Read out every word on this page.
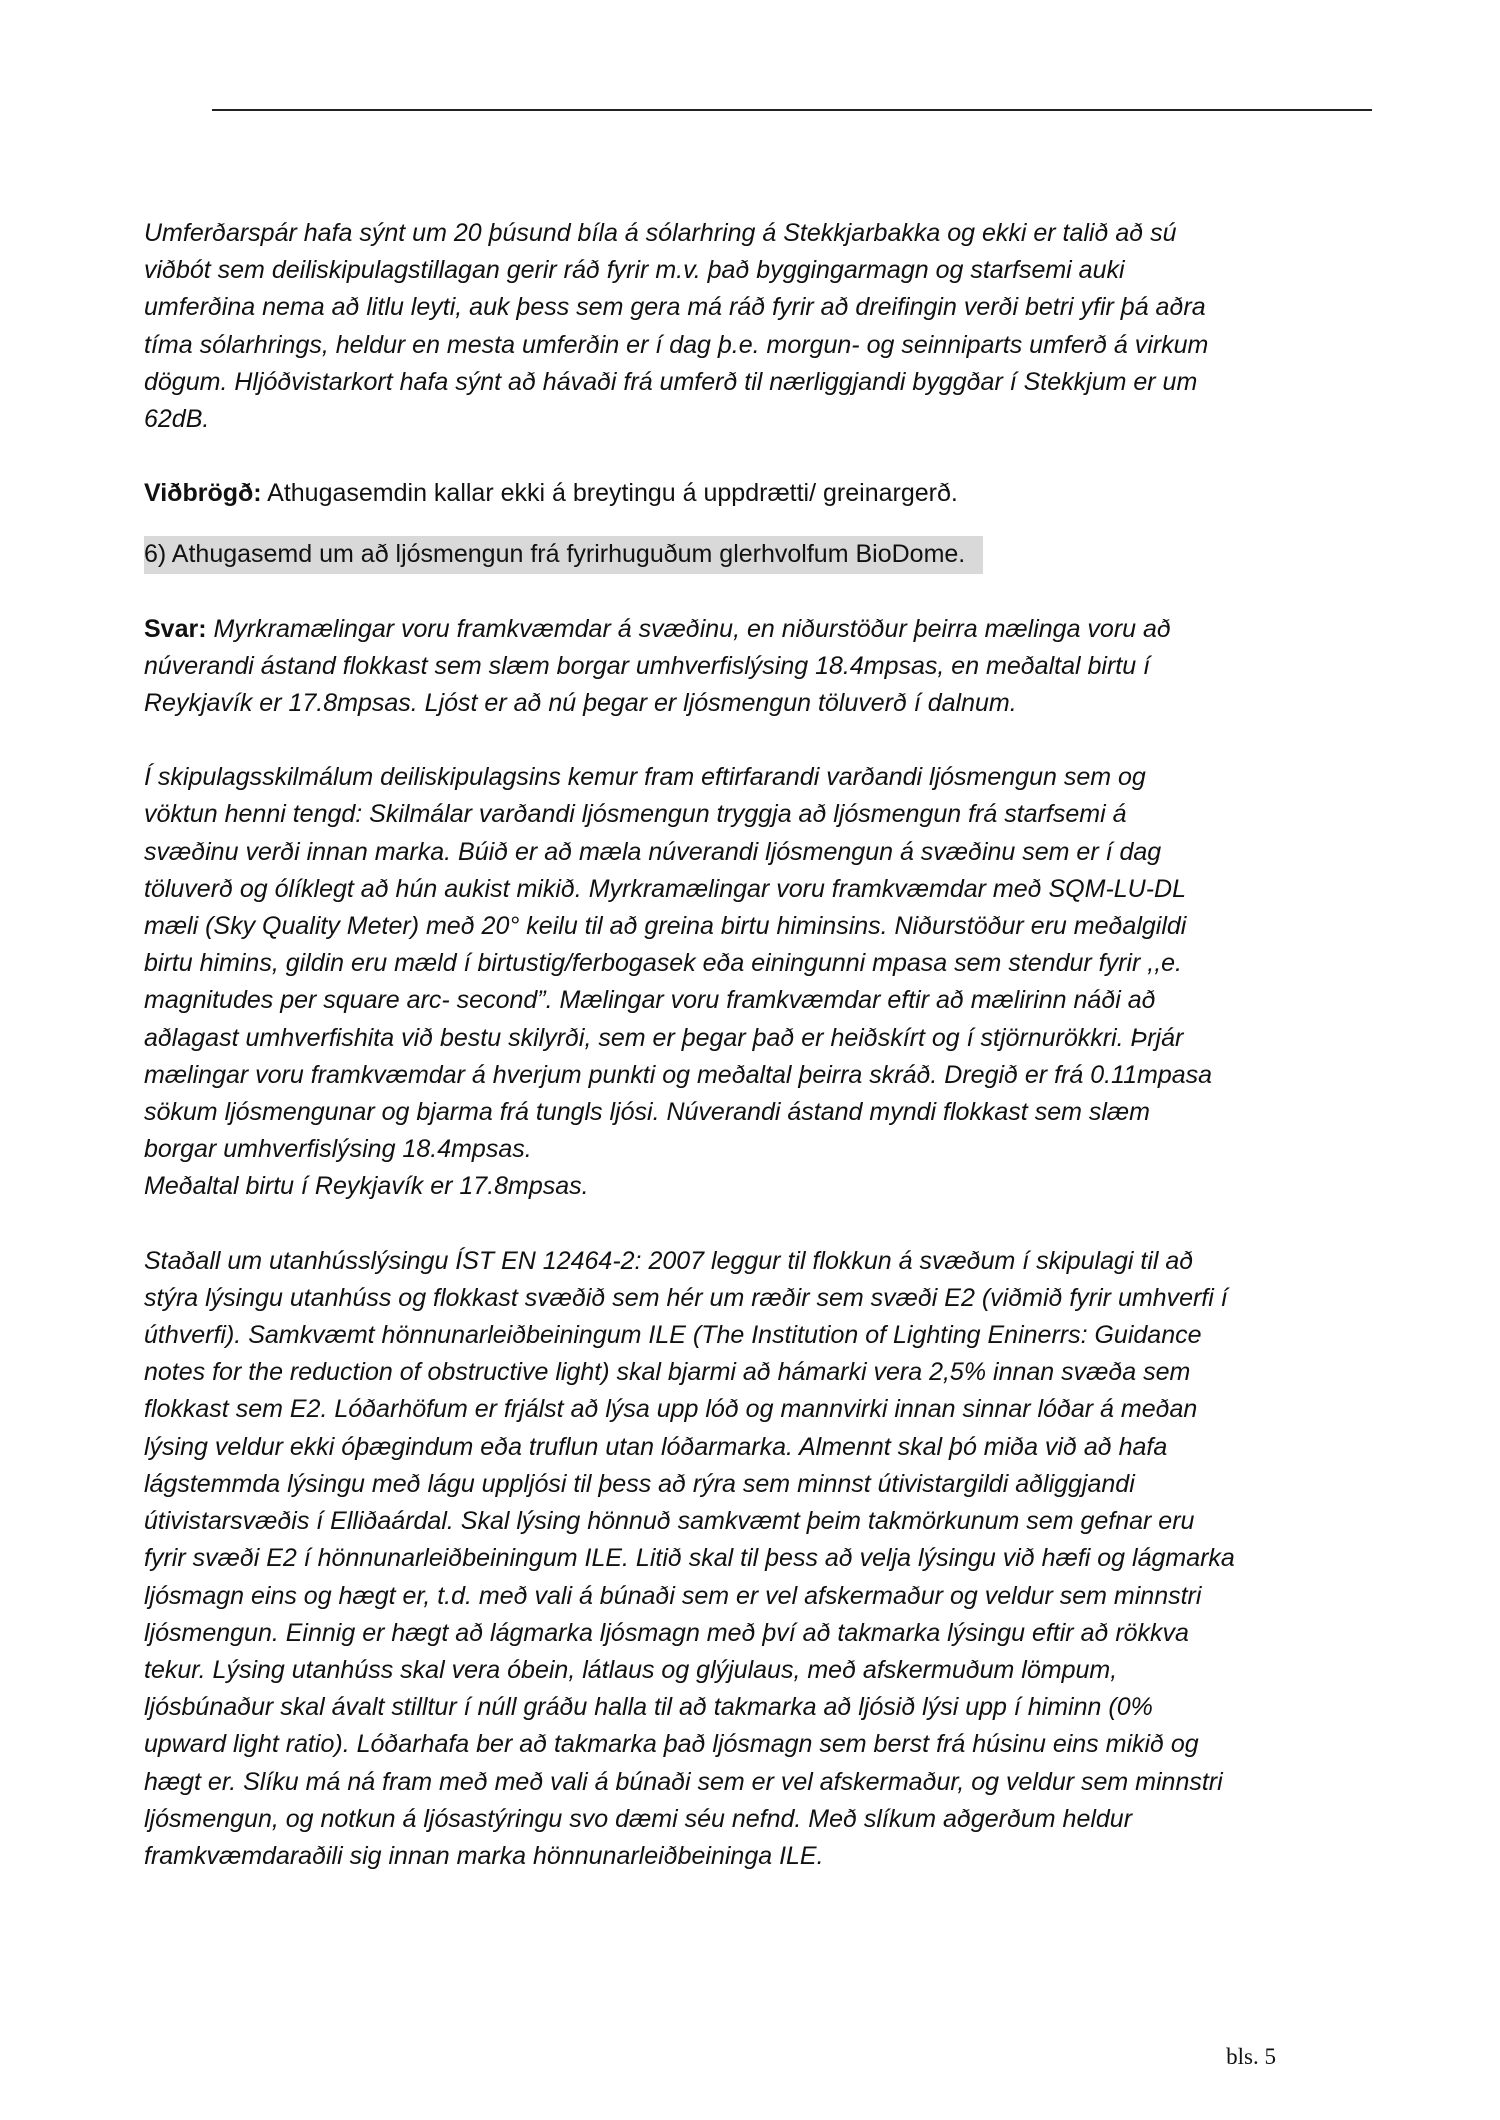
Umferðarspár hafa sýnt um 20 þúsund bíla á sólarhring á Stekkjarbakka og ekki er talið að sú
viðbót sem deiliskipulagstillagan gerir ráð fyrir m.v. það byggingarmagn og starfsemi auki
umferðina nema að litlu leyti, auk þess sem gera má ráð fyrir að dreifingin verði betri yfir þá aðra
tíma sólarhrings, heldur en mesta umferðin er í dag þ.e. morgun- og seinniparts umferð á virkum
dögum. Hljóðvistarkort hafa sýnt að hávaði frá umferð til nærliggjandi byggðar í Stekkjum er um
62dB.

Viðbrögð: Athugasemdin kallar ekki á breytingu á uppdrætti/ greinargerð.

6) Athugasemd um að ljósmengun frá fyrirhuguðum glerhvolfum BioDome.

Svar: Myrkramælingar voru framkvæmdar á svæðinu, en niðurstöður þeirra mælinga voru að
núverandi ástand flokkast sem slæm borgar umhverfislýsing 18.4mpsas, en meðaltal birtu í
Reykjavík er 17.8mpsas. Ljóst er að nú þegar er ljósmengun töluverð í dalnum.

Í skipulagsskilmálum deiliskipulagsins kemur fram eftirfarandi varðandi ljósmengun sem og
vöktun henni tengd: Skilmálar varðandi ljósmengun tryggja að ljósmengun frá starfsemi á
svæðinu verði innan marka. Búið er að mæla núverandi ljósmengun á svæðinu sem er í dag
töluverð og ólíklegt að hún aukist mikið. Myrkramælingar voru framkvæmdar með SQM-LU-DL
mæli (Sky Quality Meter) með 20° keilu til að greina birtu himinsins. Niðurstöður eru meðalgildi
birtu himins, gildin eru mæld í birtustig/ferbogasek eða einingunni mpasa sem stendur fyrir ,,e.
magnitudes per square arc- second”. Mælingar voru framkvæmdar eftir að mælirinn náði að
aðlagast umhverfishita við bestu skilyrði, sem er þegar það er heiðskírt og í stjörnurökkri. Þrjár
mælingar voru framkvæmdar á hverjum punkti og meðaltal þeirra skráð. Dregið er frá 0.11mpasa
sökum ljósmengunar og bjarma frá tungls ljósi. Núverandi ástand myndi flokkast sem slæm
borgar umhverfislýsing 18.4mpsas.
Meðaltal birtu í Reykjavík er 17.8mpsas.

Staðall um utanhússlýsingu ÍST EN 12464-2: 2007 leggur til flokkun á svæðum í skipulagi til að
stýra lýsingu utanhúss og flokkast svæðið sem hér um ræðir sem svæði E2 (viðmið fyrir umhverfi í
úthverfi). Samkvæmt hönnunarleiðbeiningum ILE (The Institution of Lighting Eninerrs: Guidance
notes for the reduction of obstructive light) skal bjarmi að hámarki vera 2,5% innan svæða sem
flokkast sem E2. Lóðarhöfum er frjálst að lýsa upp lóð og mannvirki innan sinnar lóðar á meðan
lýsing veldur ekki óþægindum eða truflun utan lóðarmarka. Almennt skal þó miða við að hafa
lágstemmda lýsingu með lágu uppljósi til þess að rýra sem minnst útivistargildi aðliggjandi
útivistarsvæðis í Elliðaárdal. Skal lýsing hönnuð samkvæmt þeim takmörkunum sem gefnar eru
fyrir svæði E2 í hönnunarleiðbeiningum ILE. Litið skal til þess að velja lýsingu við hæfi og lágmarka
ljósmagn eins og hægt er, t.d. með vali á búnaði sem er vel afskermaður og veldur sem minnstri
ljósmengun. Einnig er hægt að lágmarka ljósmagn með því að takmarka lýsingu eftir að rökkva
tekur. Lýsing utanhúss skal vera óbein, látlaus og glýjulaus, með afskermuðum lömpum,
ljósbúnaður skal ávalt stilltur í núll gráðu halla til að takmarka að ljósið lýsi upp í himinn (0%
upward light ratio). Lóðarhafa ber að takmarka það ljósmagn sem berst frá húsinu eins mikið og
hægt er. Slíku má ná fram með með vali á búnaði sem er vel afskermaður, og veldur sem minnstri
ljósmengun, og notkun á ljósastýringu svo dæmi séu nefnd. Með slíkum aðgerðum heldur
framkvæmdaraðili sig innan marka hönnunarleiðbeininga ILE.

bls. 5
